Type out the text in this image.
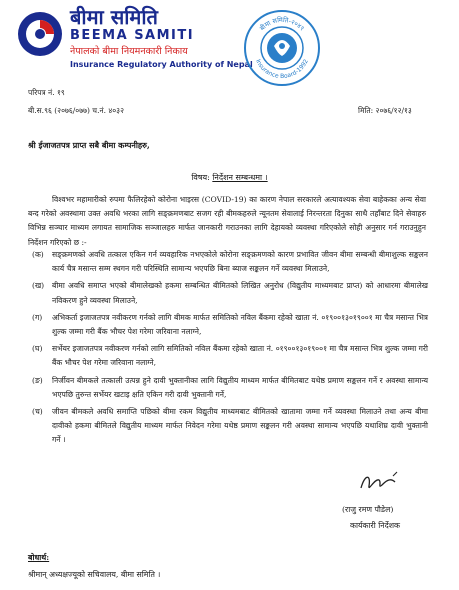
बीमा समिति
BEEMA SAMITI
नेपालको बीमा नियमनकारी निकाय
Insurance Regulatory Authority of Nepal
बीमा समिति-२०४९
Insurance Board-1992
परिपत्र नं. १९
बी.स.९६ (२०७६/०७७) च.नं. ४०३२	मिति: २०७६/१२/१३
श्री ईजाजतपत्र प्राप्त सबै बीमा कम्पनीहरु,
विषय: निर्देशन सम्बन्धमा ।
विश्वभर महामारीको रुपमा फैलिरहेको कोरोना भाइरस (COVID-19) का कारण नेपाल सरकारले अत्यावश्यक सेवा बाहेकका अन्य सेवा बन्द गरेको अवस्थामा उक्त अवधि भरका लागि सङ्क्रमणबाट सजग रही बीमकहरुले न्यूनतम सेवालाई निरन्तरता दिनुका साथै तहाँबाट दिने सेवाहरु विभिन्न सञ्चार माध्यम लगायत सामाजिक सञ्जालहरु मार्फत जानकारी गराउनका लागि देहायको व्यवस्था गरिएकोले सोही अनुसार गर्न गराउनुहुन निर्देशन गरिएको छ :-
(क)	सङ्क्रमणको अवधि तत्काल एकिन गर्न व्यवहारिक नभएकोले कोरोना सङ्क्रमणको कारण प्रभावित जीवन बीमा सम्बन्धी बीमाशुल्क सङ्कलन कार्य चैत्र मसान्त सम्म स्थगन गरी परिस्थिति सामान्य भएपछि बिना ब्याज सङ्कलन गर्ने व्यवस्था मिलाउने,
(ख)	बीमा अवधि समाप्त भएको बीमालेखको हकमा सम्बन्धित बीमितको लिखित अनुरोध (विद्युतीय माध्यमबाट प्राप्त) को आधारमा बीमालेख नविकरण हुने व्यवस्था मिलाउने,
(ग)	अभिकर्ता इजाजतपत्र नवीकरण गर्नको लागि बीमक मार्फत समितिको नविल बैंकमा रहेको खाता नं. ०१९००१३०१९००१ मा चैत्र मसान्त भित्र शुल्क जम्मा गरी बैंक भौचर पेश गरेमा जरिवाना नलाग्ने,
(घ)	सर्भेयर इजाजतपत्र नवीकरण गर्नको लागि समितिको नविल बैंकमा रहेको खाता नं. ०१९००१३०१९००१ मा चैत्र मसान्त भित्र शुल्क जम्मा गरी बैंक भौचर पेश गरेमा जरिवाना नलाग्ने,
(ङ)	निर्जीवन बीमकले तत्काली उत्पन्न हुने दावी भुक्तानीका लागि विद्युतीय माध्यम मार्फत बीमितबाट यथेष्ठ प्रमाण सङ्कलन गर्ने र अवस्था सामान्य भएपछि तुरुन्त सर्भेयर खटाइ क्षति एकिन गरी दावी भुक्तानी गर्ने,
(च)	जीवन बीमकले अवधि समाप्ति पछिको बीमा रकम विद्युतीय माध्यमबाट बीमितको खातामा जम्मा गर्ने व्यवस्था मिलाउने तथा अन्य बीमा दावीको हकमा बीमितले विद्युतीय माध्यम मार्फत निवेदन गरेमा यथेष्ठ प्रमाण सङ्कलन गरी अवस्था सामान्य भएपछि यथाशिघ्र दावी भुक्तानी गर्ने ।
(राजु रमण पौडेल)
कार्यकारी निर्देशक
बोधार्थ:
श्रीमान् अध्यक्षज्यूको सचिवालय, बीमा समिति ।
